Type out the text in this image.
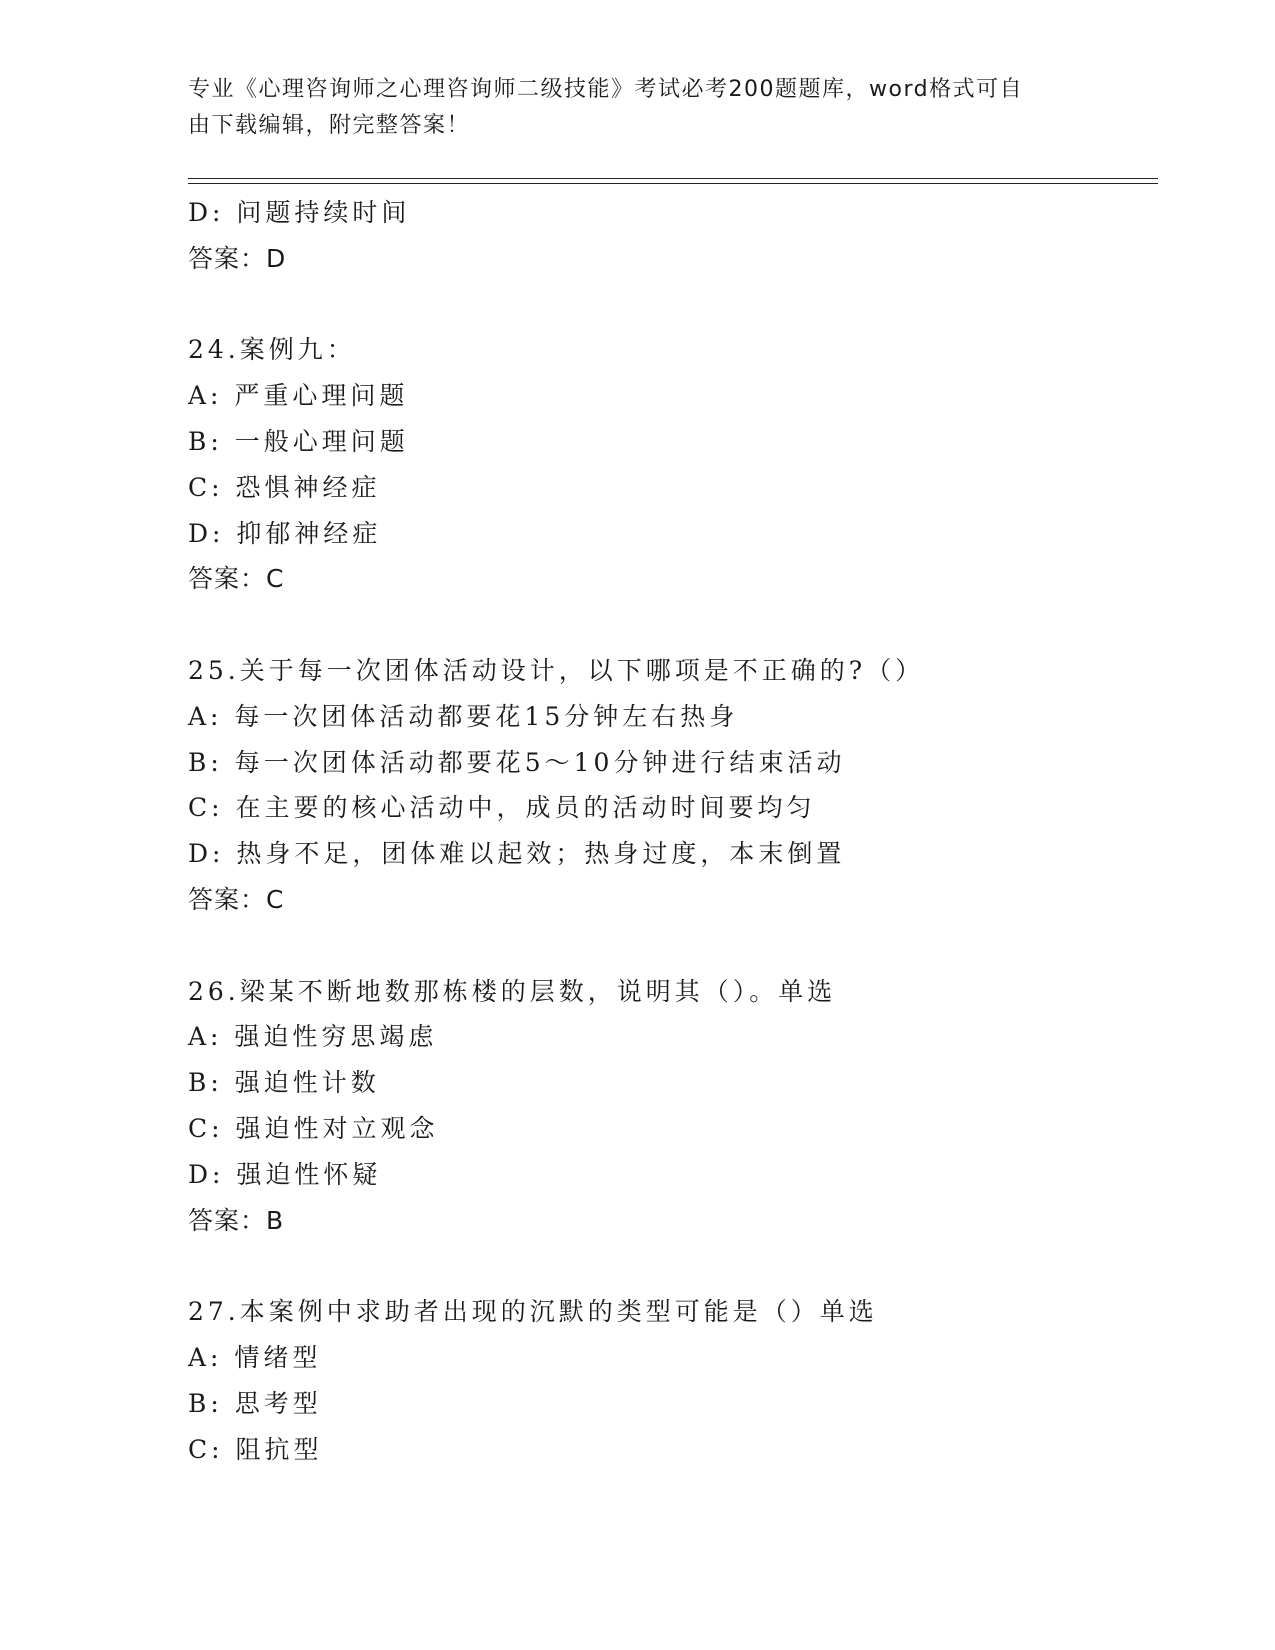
专业《心理咨询师之心理咨询师二级技能》考试必考200题题库，word格式可自
由下载编辑，附完整答案！
D: 问题持续时间
答案：D
24.案例九：
A: 严重心理问题
B: 一般心理问题
C: 恐惧神经症
D: 抑郁神经症
答案：C
25.关于每一次团体活动设计，以下哪项是不正确的?（）
A: 每一次团体活动都要花15分钟左右热身
B: 每一次团体活动都要花5～10分钟进行结束活动
C: 在主要的核心活动中，成员的活动时间要均匀
D: 热身不足，团体难以起效；热身过度，本末倒置
答案：C
26.梁某不断地数那栋楼的层数，说明其（）。单选
A: 强迫性穷思竭虑
B: 强迫性计数
C: 强迫性对立观念
D: 强迫性怀疑
答案：B
27.本案例中求助者出现的沉默的类型可能是（）单选
A: 情绪型
B: 思考型
C: 阻抗型
